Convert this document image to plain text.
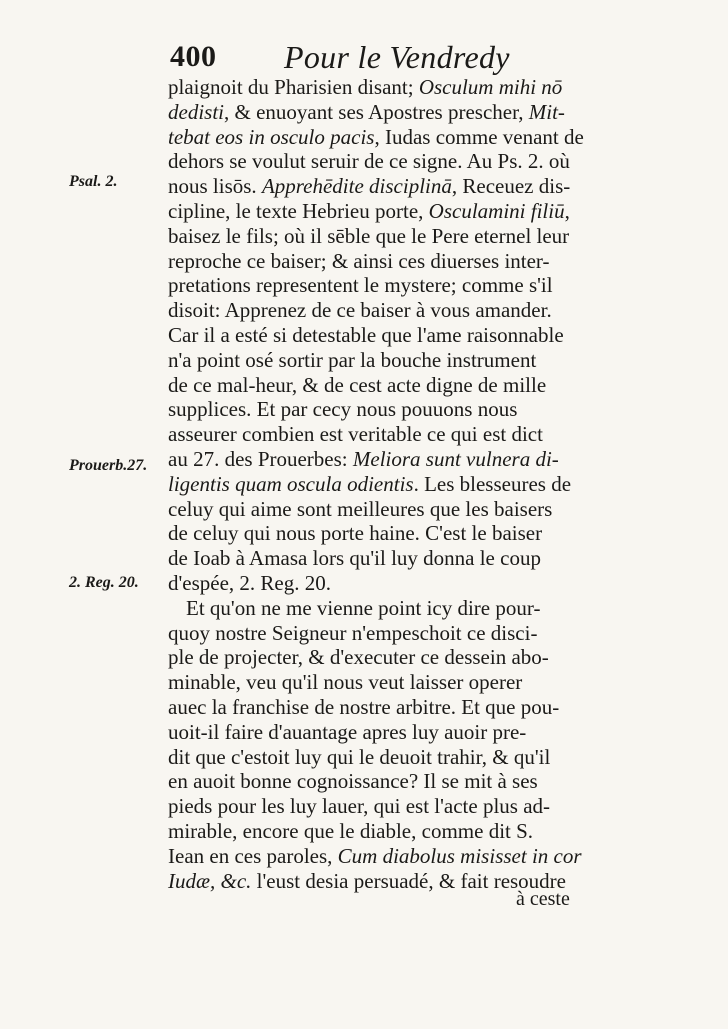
400 Pour le Vendredy
Psal. 2.
Prouerb.27.
2. Reg. 20.
plaignoit du Pharisien disant; Osculum mihi nō
dedisti, & enuoyant ses Apostres prescher, Mit-
tebat eos in osculo pacis, Iudas comme venant de
dehors se voulut seruir de ce signe. Au Ps. 2. où
nous lisōs. Apprehēdite disciplinā, Receuez dis-
cipline, le texte Hebrieu porte, Osculamini filiū,
baisez le fils; où il sēble que le Pere eternel leur
reproche ce baiser; & ainsi ces diuerses inter-
pretations representent le mystere; comme s'il
disoit: Apprenez de ce baiser à vous amander.
Car il a esté si detestable que l'ame raisonnable
n'a point osé sortir par la bouche instrument
de ce mal-heur, & de cest acte digne de mille
supplices. Et par cecy nous pouuons nous
asseurer combien est veritable ce qui est dict
au 27. des Prouerbes: Meliora sunt vulnera di-
ligentis quam oscula odientis. Les blesseures de
celuy qui aime sont meilleures que les baisers
de celuy qui nous porte haine. C'est le baiser
de Ioab à Amasa lors qu'il luy donna le coup
d'espée, 2. Reg. 20.
Et qu'on ne me vienne point icy dire pour-
quoy nostre Seigneur n'empeschoit ce disci-
ple de projecter, & d'executer ce dessein abo-
minable, veu qu'il nous veut laisser operer
auec la franchise de nostre arbitre. Et que pou-
uoit-il faire d'auantage apres luy auoir pre-
dit que c'estoit luy qui le deuoit trahir, & qu'il
en auoit bonne cognoissance? Il se mit à ses
pieds pour les luy lauer, qui est l'acte plus ad-
mirable, encore que le diable, comme dit S.
Iean en ces paroles, Cum diabolus misisset in cor
Iudæ, &c. l'eust desia persuadé, & fait resoudre
à ceste
